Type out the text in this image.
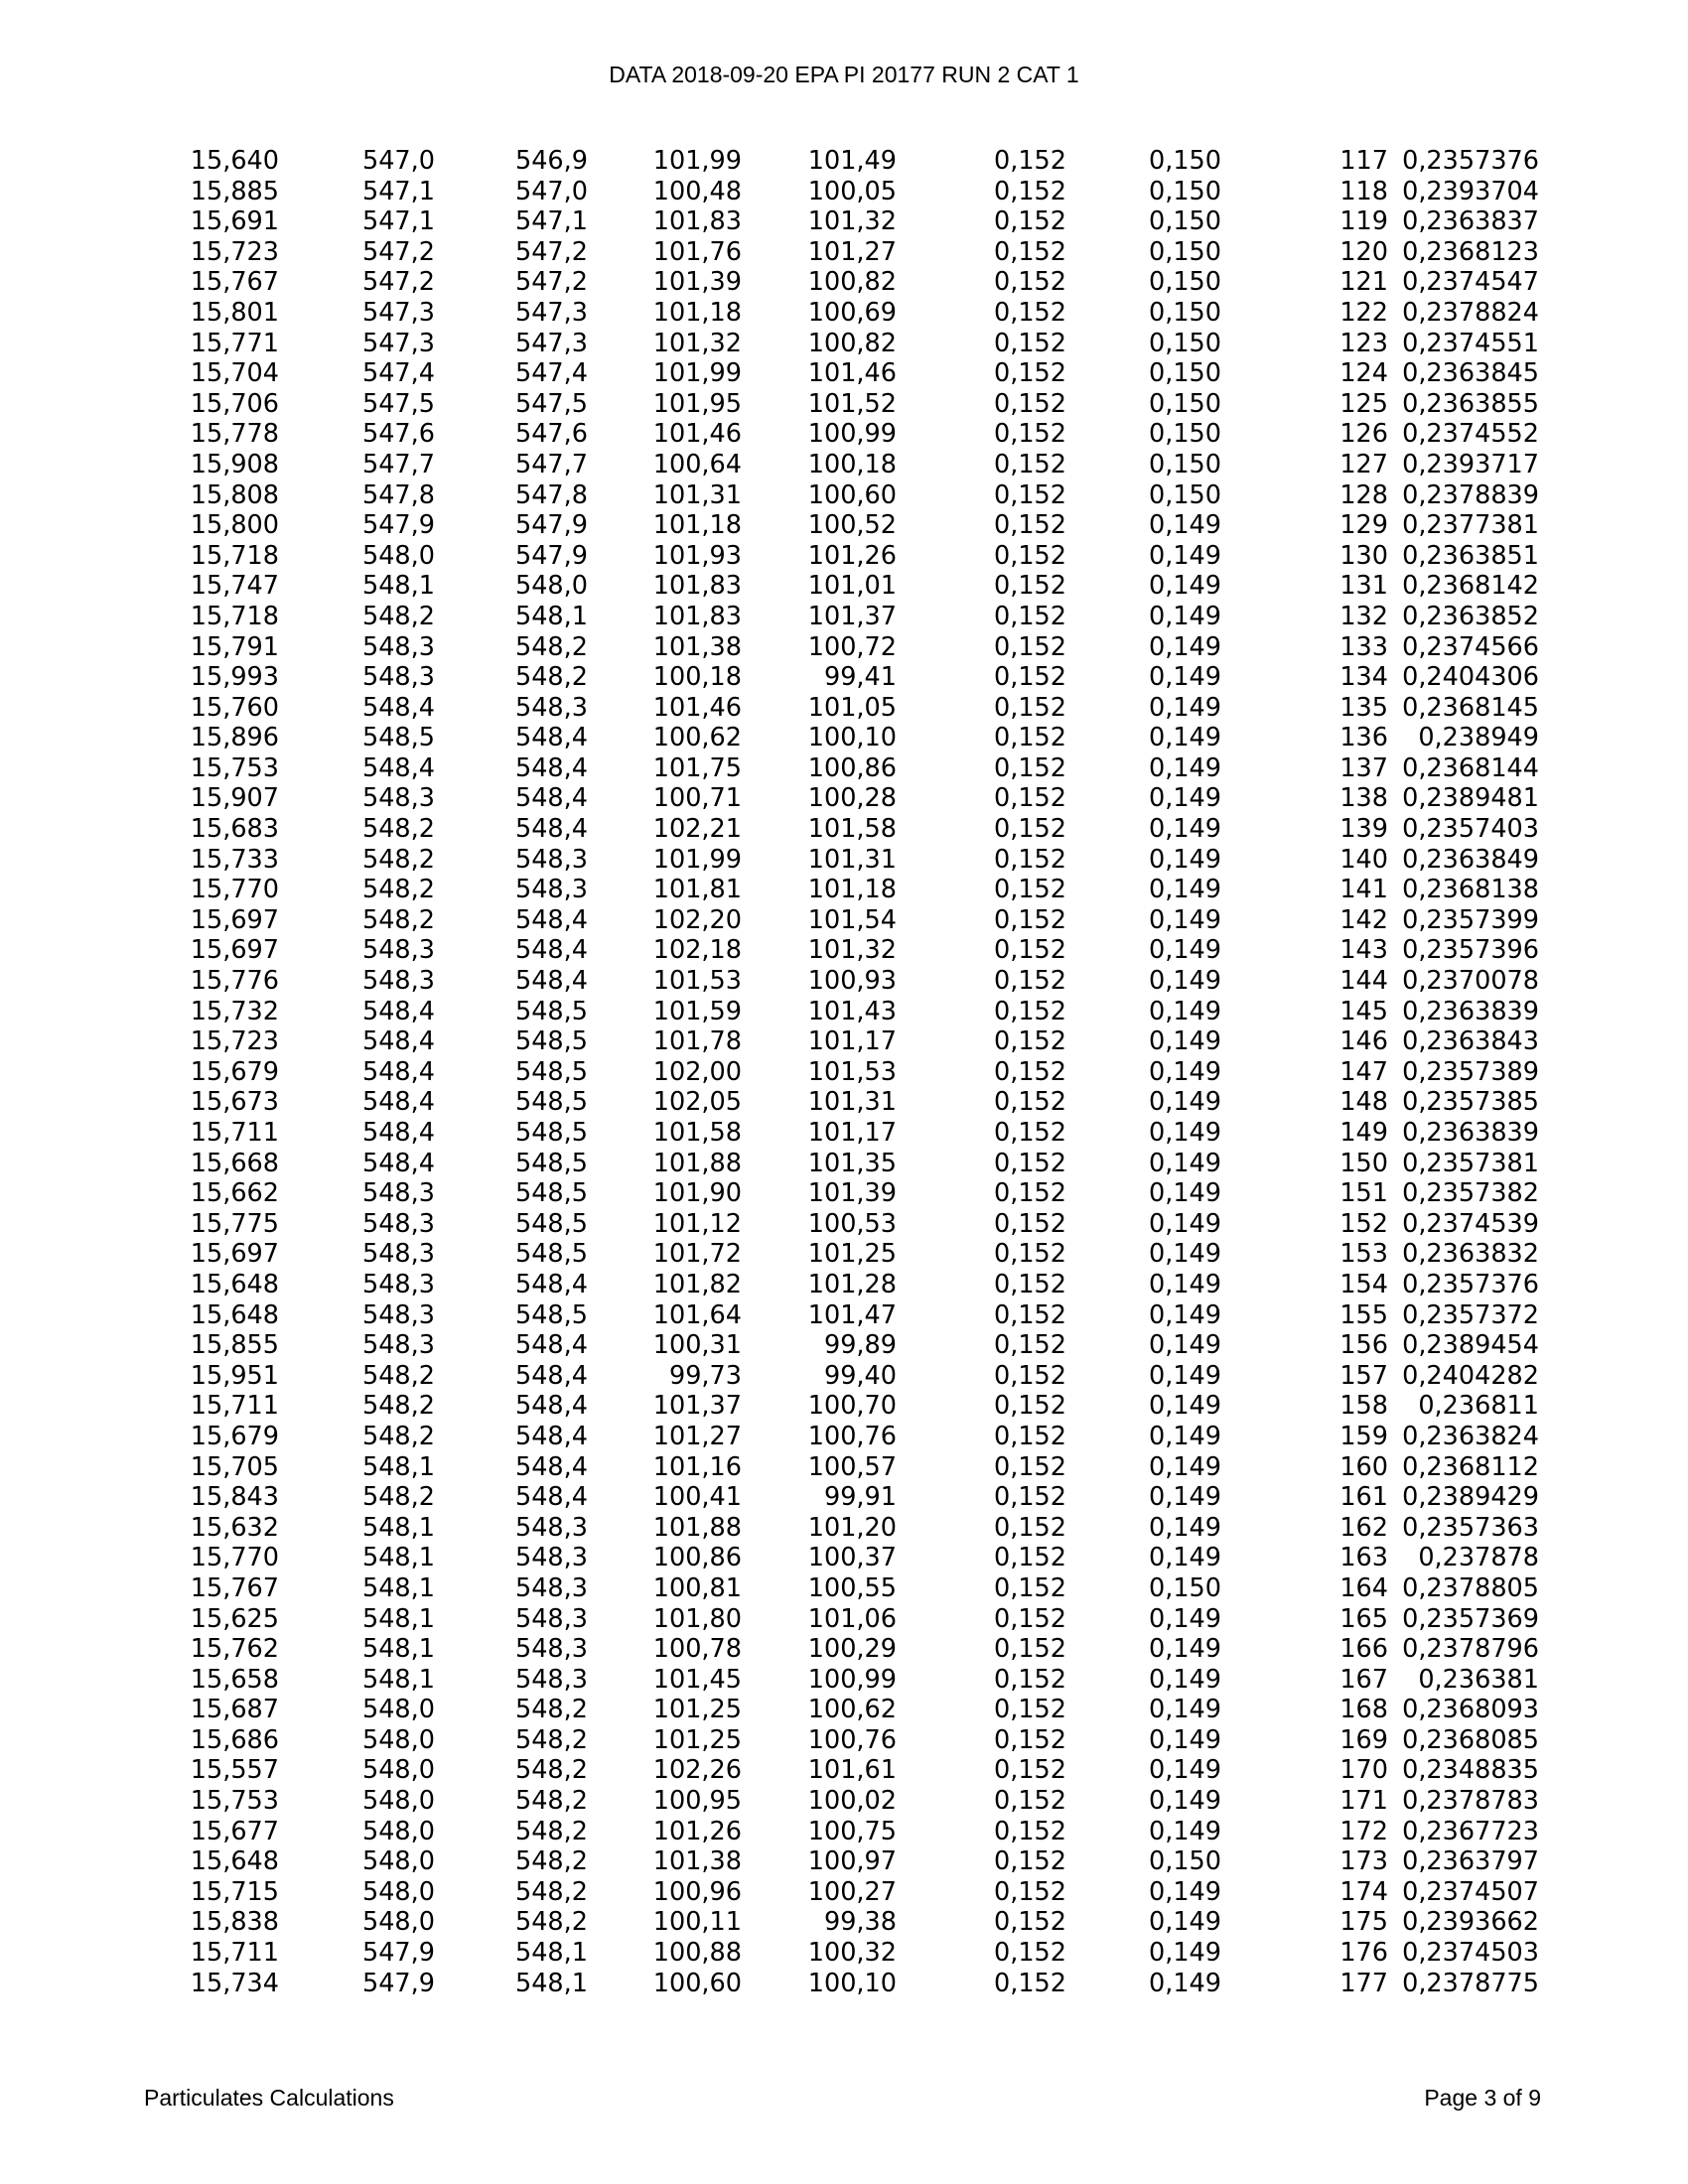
DATA 2018-09-20 EPA PI 20177 RUN 2 CAT 1
15,640	547,0	546,9	101,99	101,49	0,152	0,150	117	0,2357376
15,885	547,1	547,0	100,48	100,05	0,152	0,150	118	0,2393704
15,691	547,1	547,1	101,83	101,32	0,152	0,150	119	0,2363837
15,723	547,2	547,2	101,76	101,27	0,152	0,150	120	0,2368123
15,767	547,2	547,2	101,39	100,82	0,152	0,150	121	0,2374547
15,801	547,3	547,3	101,18	100,69	0,152	0,150	122	0,2378824
15,771	547,3	547,3	101,32	100,82	0,152	0,150	123	0,2374551
15,704	547,4	547,4	101,99	101,46	0,152	0,150	124	0,2363845
15,706	547,5	547,5	101,95	101,52	0,152	0,150	125	0,2363855
15,778	547,6	547,6	101,46	100,99	0,152	0,150	126	0,2374552
15,908	547,7	547,7	100,64	100,18	0,152	0,150	127	0,2393717
15,808	547,8	547,8	101,31	100,60	0,152	0,150	128	0,2378839
15,800	547,9	547,9	101,18	100,52	0,152	0,149	129	0,2377381
15,718	548,0	547,9	101,93	101,26	0,152	0,149	130	0,2363851
15,747	548,1	548,0	101,83	101,01	0,152	0,149	131	0,2368142
15,718	548,2	548,1	101,83	101,37	0,152	0,149	132	0,2363852
15,791	548,3	548,2	101,38	100,72	0,152	0,149	133	0,2374566
15,993	548,3	548,2	100,18	99,41	0,152	0,149	134	0,2404306
15,760	548,4	548,3	101,46	101,05	0,152	0,149	135	0,2368145
15,896	548,5	548,4	100,62	100,10	0,152	0,149	136	0,238949
15,753	548,4	548,4	101,75	100,86	0,152	0,149	137	0,2368144
15,907	548,3	548,4	100,71	100,28	0,152	0,149	138	0,2389481
15,683	548,2	548,4	102,21	101,58	0,152	0,149	139	0,2357403
15,733	548,2	548,3	101,99	101,31	0,152	0,149	140	0,2363849
15,770	548,2	548,3	101,81	101,18	0,152	0,149	141	0,2368138
15,697	548,2	548,4	102,20	101,54	0,152	0,149	142	0,2357399
15,697	548,3	548,4	102,18	101,32	0,152	0,149	143	0,2357396
15,776	548,3	548,4	101,53	100,93	0,152	0,149	144	0,2370078
15,732	548,4	548,5	101,59	101,43	0,152	0,149	145	0,2363839
15,723	548,4	548,5	101,78	101,17	0,152	0,149	146	0,2363843
15,679	548,4	548,5	102,00	101,53	0,152	0,149	147	0,2357389
15,673	548,4	548,5	102,05	101,31	0,152	0,149	148	0,2357385
15,711	548,4	548,5	101,58	101,17	0,152	0,149	149	0,2363839
15,668	548,4	548,5	101,88	101,35	0,152	0,149	150	0,2357381
15,662	548,3	548,5	101,90	101,39	0,152	0,149	151	0,2357382
15,775	548,3	548,5	101,12	100,53	0,152	0,149	152	0,2374539
15,697	548,3	548,5	101,72	101,25	0,152	0,149	153	0,2363832
15,648	548,3	548,4	101,82	101,28	0,152	0,149	154	0,2357376
15,648	548,3	548,5	101,64	101,47	0,152	0,149	155	0,2357372
15,855	548,3	548,4	100,31	99,89	0,152	0,149	156	0,2389454
15,951	548,2	548,4	99,73	99,40	0,152	0,149	157	0,2404282
15,711	548,2	548,4	101,37	100,70	0,152	0,149	158	0,236811
15,679	548,2	548,4	101,27	100,76	0,152	0,149	159	0,2363824
15,705	548,1	548,4	101,16	100,57	0,152	0,149	160	0,2368112
15,843	548,2	548,4	100,41	99,91	0,152	0,149	161	0,2389429
15,632	548,1	548,3	101,88	101,20	0,152	0,149	162	0,2357363
15,770	548,1	548,3	100,86	100,37	0,152	0,149	163	0,237878
15,767	548,1	548,3	100,81	100,55	0,152	0,150	164	0,2378805
15,625	548,1	548,3	101,80	101,06	0,152	0,149	165	0,2357369
15,762	548,1	548,3	100,78	100,29	0,152	0,149	166	0,2378796
15,658	548,1	548,3	101,45	100,99	0,152	0,149	167	0,236381
15,687	548,0	548,2	101,25	100,62	0,152	0,149	168	0,2368093
15,686	548,0	548,2	101,25	100,76	0,152	0,149	169	0,2368085
15,557	548,0	548,2	102,26	101,61	0,152	0,149	170	0,2348835
15,753	548,0	548,2	100,95	100,02	0,152	0,149	171	0,2378783
15,677	548,0	548,2	101,26	100,75	0,152	0,149	172	0,2367723
15,648	548,0	548,2	101,38	100,97	0,152	0,150	173	0,2363797
15,715	548,0	548,2	100,96	100,27	0,152	0,149	174	0,2374507
15,838	548,0	548,2	100,11	99,38	0,152	0,149	175	0,2393662
15,711	547,9	548,1	100,88	100,32	0,152	0,149	176	0,2374503
15,734	547,9	548,1	100,60	100,10	0,152	0,149	177	0,2378775
Particulates Calculations	Page 3 of 9
